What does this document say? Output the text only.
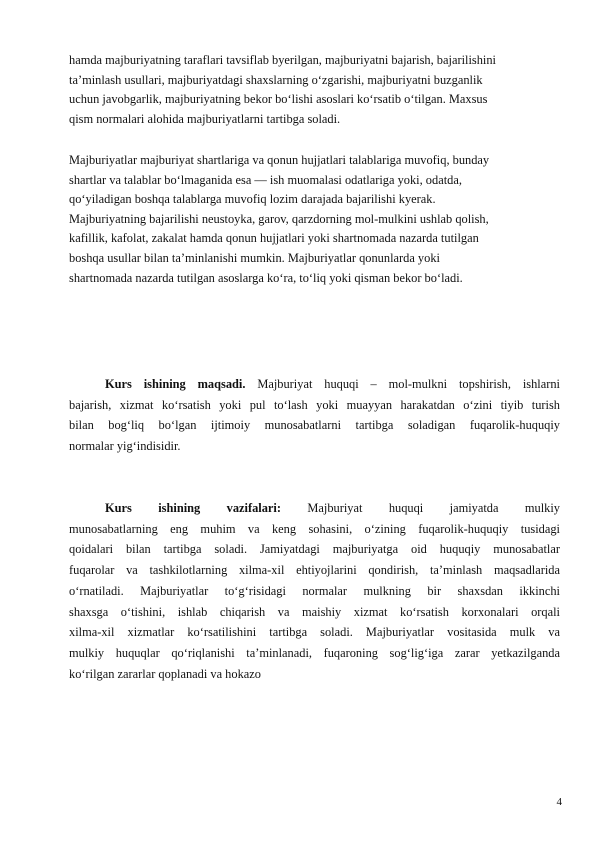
hamda majburiyatning taraflari tavsiflab byerilgan, majburiyatni bajarish, bajarilishini
ta’minlash usullari, majburiyatdagi shaxslarning o‘zgarishi, majburiyatni buzganlik
uchun javobgarlik, majburiyatning bekor bo‘lishi asoslari ko‘rsatib o‘tilgan. Maxsus
qism normalari alohida majburiyatlarni tartibga soladi.

Majburiyatlar majburiyat shartlariga va qonun hujjatlari talablariga muvofiq, bunday
shartlar va talablar bo‘lmaganida esa — ish muomalasi odatlariga yoki, odatda,
qo‘yiladigan boshqa talablarga muvofiq lozim darajada bajarilishi kyerak.
Majburiyatning bajarilishi neustoyka, garov, qarzdorning mol-mulkini ushlab qolish,
kafillik, kafolat, zakalat hamda qonun hujjatlari yoki shartnomada nazarda tutilgan
boshqa usullar bilan ta’minlanishi mumkin. Majburiyatlar qonunlarda yoki
shartnomada nazarda tutilgan asoslarga ko‘ra, to‘liq yoki qisman bekor bo‘ladi.

Kurs ishining maqsadi. Majburiyat huquqi – mol-mulkni topshirish, ishlarni
bajarish, xizmat ko‘rsatish yoki pul to‘lash yoki muayyan harakatdan o‘zini tiyib turish
bilan bog‘liq bo‘lgan ijtimoiy munosabatlarni tartibga soladigan fuqarolik-huquqiy
normalar yig‘indisidir.

Kurs ishining vazifalari: Majburiyat huquqi jamiyatda mulkiy
munosabatlarning eng muhim va keng sohasini, o‘zining fuqarolik-huquqiy tusidagi
qoidalari bilan tartibga soladi. Jamiyatdagi majburiyatga oid huquqiy munosabatlar
fuqarolar va tashkilotlarning xilma-xil ehtiyojlarini qondirish, ta’minlash maqsadlarida
o‘rnatiladi. Majburiyatlar to‘g‘risidagi normalar mulkning bir shaxsdan ikkinchi
shaxsga o‘tishini, ishlab chiqarish va maishiy xizmat ko‘rsatish korxonalari orqali
xilma-xil xizmatlar ko‘rsatilishini tartibga soladi. Majburiyatlar vositasida mulk va
mulkiy huquqlar qo‘riqlanishi ta’minlanadi, fuqaroning sog‘lig‘iga zarar yetkazilganda
ko‘rilgan zararlar qoplanadi va hokazo

4
